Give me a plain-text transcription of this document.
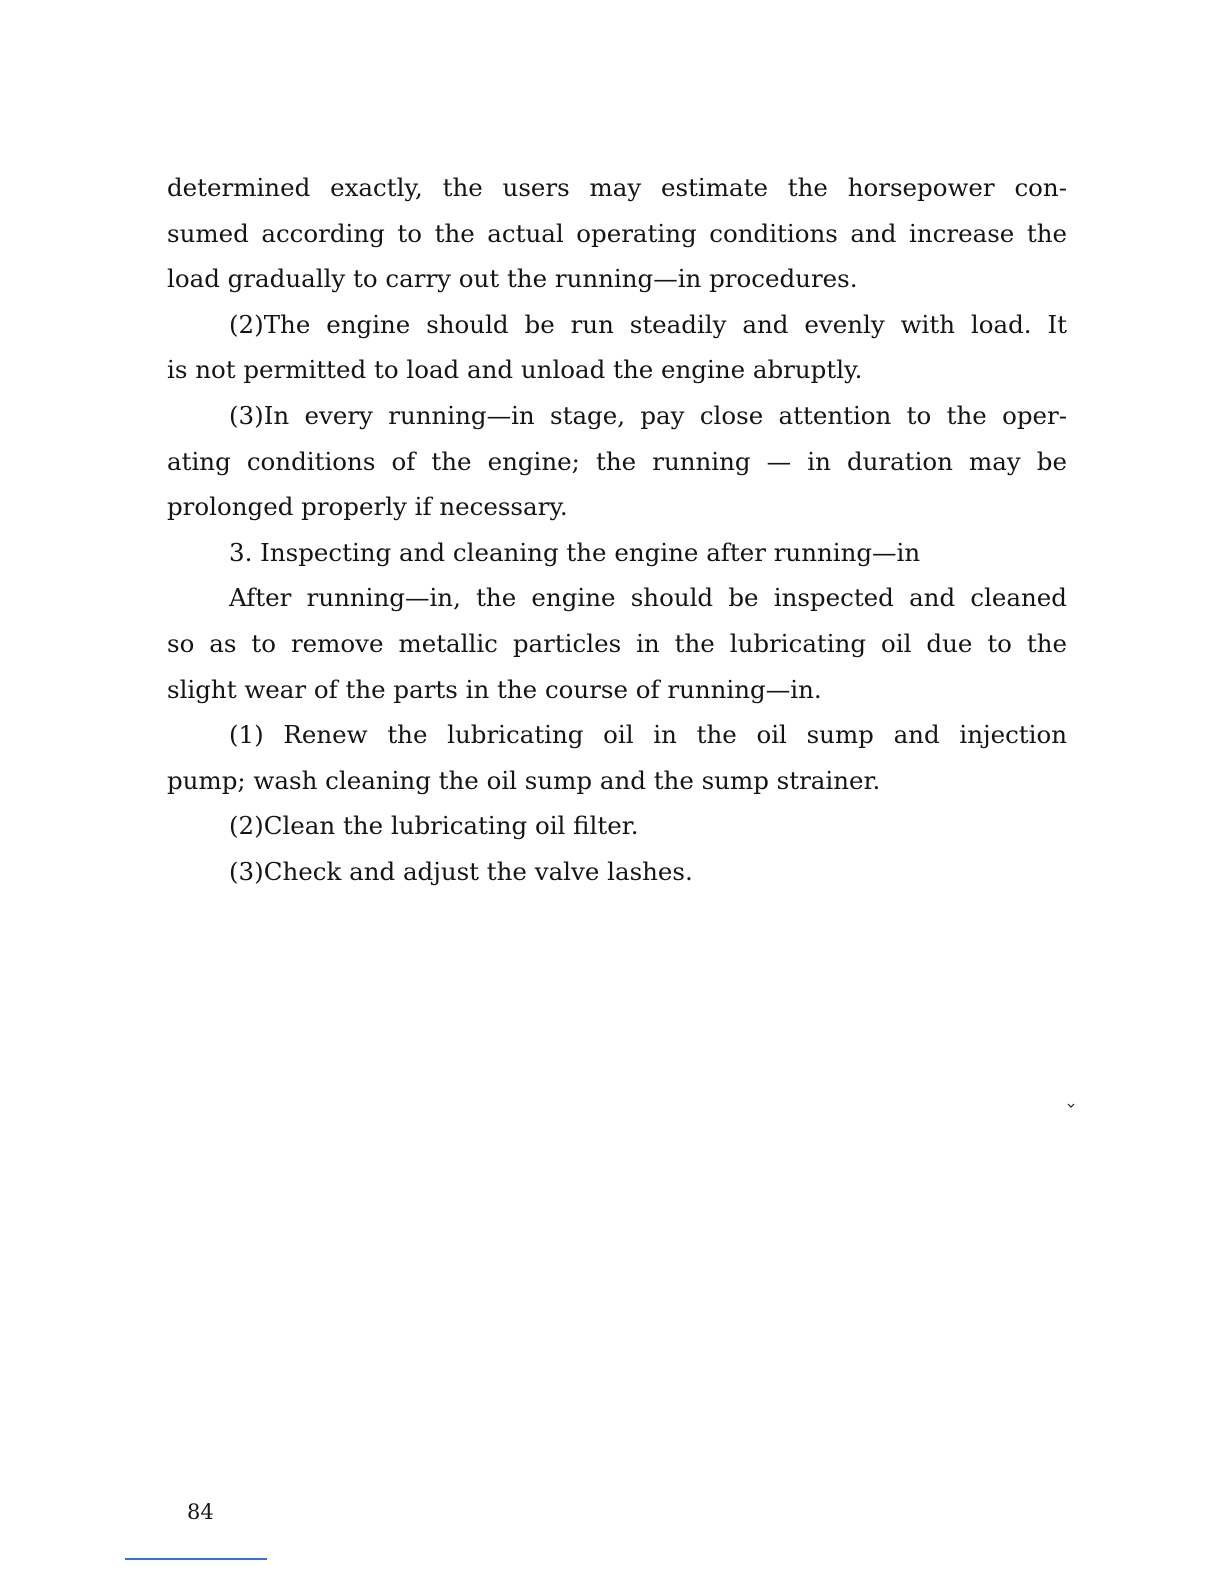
determined exactly, the users may estimate the horsepower con-
sumed according to the actual operating conditions and increase the
load gradually to carry out the running—in procedures.
(2)The engine should be run steadily and evenly with load. It
is not permitted to load and unload the engine abruptly.
(3)In every running—in stage, pay close attention to the oper-
ating conditions of the engine; the running — in duration may be
prolonged properly if necessary.
3. Inspecting and cleaning the engine after running—in
After running—in, the engine should be inspected and cleaned
so as to remove metallic particles in the lubricating oil due to the
slight wear of the parts in the course of running—in.
(1) Renew the lubricating oil in the oil sump and injection
pump; wash cleaning the oil sump and the sump strainer.
(2)Clean the lubricating oil filter.
(3)Check and adjust the valve lashes.
84
